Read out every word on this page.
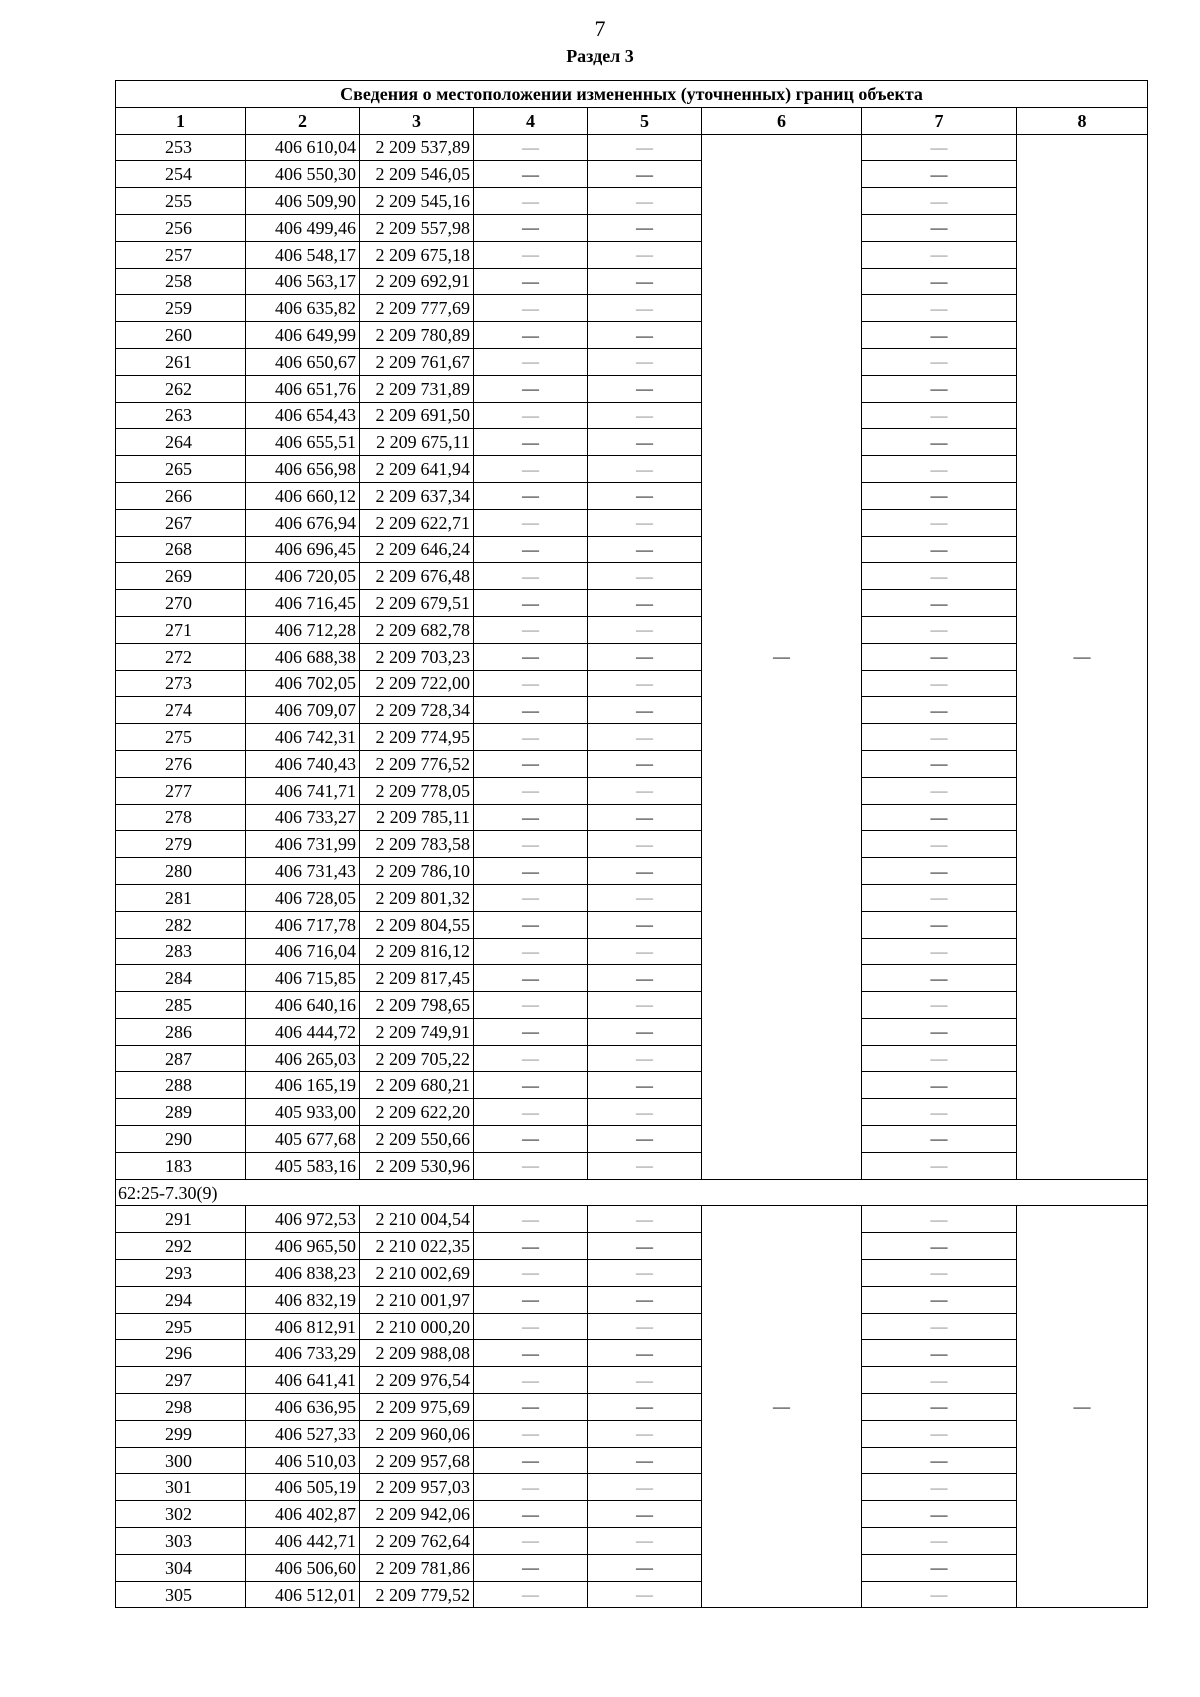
7
Раздел 3
Сведения о местоположении измененных (уточненных) границ объекта							
1	2	3	4	5	6	7	8
253	406 610,04	2 209 537,89	—	—	—	—	—
254	406 550,30	2 209 546,05	—	—		—	
255	406 509,90	2 209 545,16	—	—		—	
256	406 499,46	2 209 557,98	—	—		—	
257	406 548,17	2 209 675,18	—	—		—	
258	406 563,17	2 209 692,91	—	—		—	
259	406 635,82	2 209 777,69	—	—		—	
260	406 649,99	2 209 780,89	—	—		—	
261	406 650,67	2 209 761,67	—	—		—	
262	406 651,76	2 209 731,89	—	—		—	
263	406 654,43	2 209 691,50	—	—		—	
264	406 655,51	2 209 675,11	—	—		—	
265	406 656,98	2 209 641,94	—	—		—	
266	406 660,12	2 209 637,34	—	—		—	
267	406 676,94	2 209 622,71	—	—		—	
268	406 696,45	2 209 646,24	—	—		—	
269	406 720,05	2 209 676,48	—	—		—	
270	406 716,45	2 209 679,51	—	—		—	
271	406 712,28	2 209 682,78	—	—		—	
272	406 688,38	2 209 703,23	—	—		—	
273	406 702,05	2 209 722,00	—	—		—	
274	406 709,07	2 209 728,34	—	—		—	
275	406 742,31	2 209 774,95	—	—		—	
276	406 740,43	2 209 776,52	—	—		—	
277	406 741,71	2 209 778,05	—	—		—	
278	406 733,27	2 209 785,11	—	—		—	
279	406 731,99	2 209 783,58	—	—		—	
280	406 731,43	2 209 786,10	—	—		—	
281	406 728,05	2 209 801,32	—	—		—	
282	406 717,78	2 209 804,55	—	—		—	
283	406 716,04	2 209 816,12	—	—		—	
284	406 715,85	2 209 817,45	—	—		—	
285	406 640,16	2 209 798,65	—	—		—	
286	406 444,72	2 209 749,91	—	—		—	
287	406 265,03	2 209 705,22	—	—		—	
288	406 165,19	2 209 680,21	—	—		—	
289	405 933,00	2 209 622,20	—	—		—	
290	405 677,68	2 209 550,66	—	—		—	
183	405 583,16	2 209 530,96	—	—		—	
62:25-7.30(9)							
291	406 972,53	2 210 004,54	—	—	—	—	—
292	406 965,50	2 210 022,35	—	—		—	
293	406 838,23	2 210 002,69	—	—		—	
294	406 832,19	2 210 001,97	—	—		—	
295	406 812,91	2 210 000,20	—	—		—	
296	406 733,29	2 209 988,08	—	—		—	
297	406 641,41	2 209 976,54	—	—		—	
298	406 636,95	2 209 975,69	—	—		—	
299	406 527,33	2 209 960,06	—	—		—	
300	406 510,03	2 209 957,68	—	—		—	
301	406 505,19	2 209 957,03	—	—		—	
302	406 402,87	2 209 942,06	—	—		—	
303	406 442,71	2 209 762,64	—	—		—	
304	406 506,60	2 209 781,86	—	—		—	
305	406 512,01	2 209 779,52	—	—		—	
